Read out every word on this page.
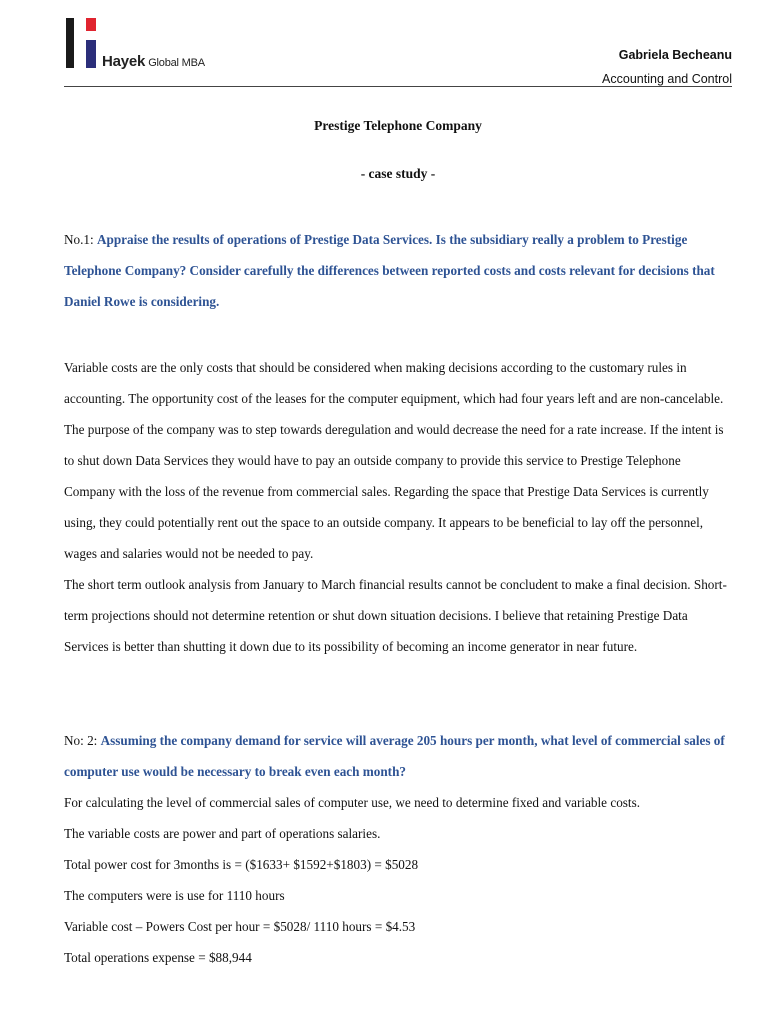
Hayek Global MBA
Gabriela Becheanu
Accounting and Control
Prestige Telephone Company
- case study -

No.1: Appraise the results of operations of Prestige Data Services. Is the subsidiary really a problem to Prestige Telephone Company? Consider carefully the differences between reported costs and costs relevant for decisions that Daniel Rowe is considering.

Variable costs are the only costs that should be considered when making decisions according to the customary rules in accounting. The opportunity cost of the leases for the computer equipment, which had four years left and are non-cancelable. The purpose of the company was to step towards deregulation and would decrease the need for a rate increase. If the intent is to shut down Data Services they would have to pay an outside company to provide this service to Prestige Telephone Company with the loss of the revenue from commercial sales. Regarding the space that Prestige Data Services is currently using, they could potentially rent out the space to an outside company. It appears to be beneficial to lay off the personnel, wages and salaries would not be needed to pay.

The short term outlook analysis from January to March financial results cannot be concludent to make a final decision. Short-term projections should not determine retention or shut down situation decisions. I believe that retaining Prestige Data Services is better than shutting it down due to its possibility of becoming an income generator in near future.

No: 2: Assuming the company demand for service will average 205 hours per month, what level of commercial sales of computer use would be necessary to break even each month?

For calculating the level of commercial sales of computer use, we need to determine fixed and variable costs.

The variable costs are power and part of operations salaries.

Total power cost for 3months is = ($1633+ $1592+$1803) = $5028

The computers were is use for 1110 hours

Variable cost – Powers Cost per hour = $5028/ 1110 hours = $4.53

Total operations expense = $88,944
